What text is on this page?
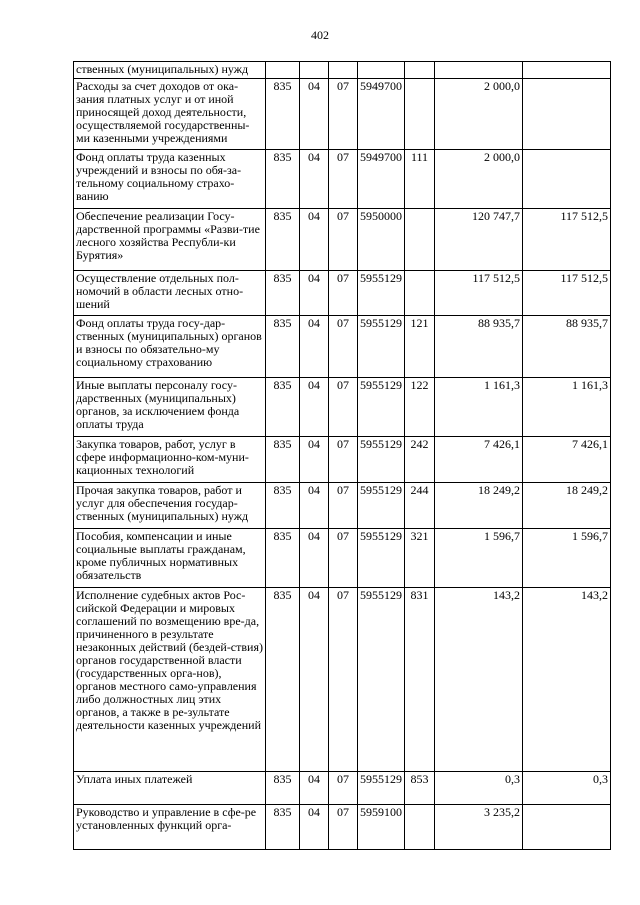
402
ственных (муниципальных) нужд							
Расходы за счет доходов от ока-зания платных услуг и от иной приносящей доход деятельности, осуществляемой государственны-ми казенными учреждениями	835	04	07	5949700		2 000,0	
Фонд оплаты труда казенных учреждений и взносы по обя-за-тельному социальному страхо-ванию	835	04	07	5949700	111	2 000,0	
Обеспечение реализации Госу-дарственной программы «Разви-тие лесного хозяйства Республи-ки Бурятия»	835	04	07	5950000		120 747,7	117 512,5
Осуществление отдельных пол-номочий в области лесных отно-шений	835	04	07	5955129		117 512,5	117 512,5
Фонд оплаты труда госу-дар-ственных (муниципальных) органов и взносы по обязательно-му социальному страхованию	835	04	07	5955129	121	88 935,7	88 935,7
Иные выплаты персоналу госу-дарственных (муниципальных) органов, за исключением фонда оплаты труда	835	04	07	5955129	122	1 161,3	1 161,3
Закупка товаров, работ, услуг в сфере информационно-ком-муни-кационных технологий	835	04	07	5955129	242	7 426,1	7 426,1
Прочая закупка товаров, работ и услуг для обеспечения государ-ственных (муниципальных) нужд	835	04	07	5955129	244	18 249,2	18 249,2
Пособия, компенсации и иные социальные выплаты гражданам, кроме публичных нормативных обязательств	835	04	07	5955129	321	1 596,7	1 596,7
Исполнение судебных актов Рос-сийской Федерации и мировых соглашений по возмещению вре-да, причиненного в результате незаконных действий (бездей-ствия) органов государственной власти (государственных орга-нов), органов местного само-управления либо должностных лиц этих органов, а также в ре-зультате деятельности казенных учреждений	835	04	07	5955129	831	143,2	143,2
Уплата иных платежей	835	04	07	5955129	853	0,3	0,3
Руководство и управление в сфе-ре установленных функций орга-	835	04	07	5959100		3 235,2	
